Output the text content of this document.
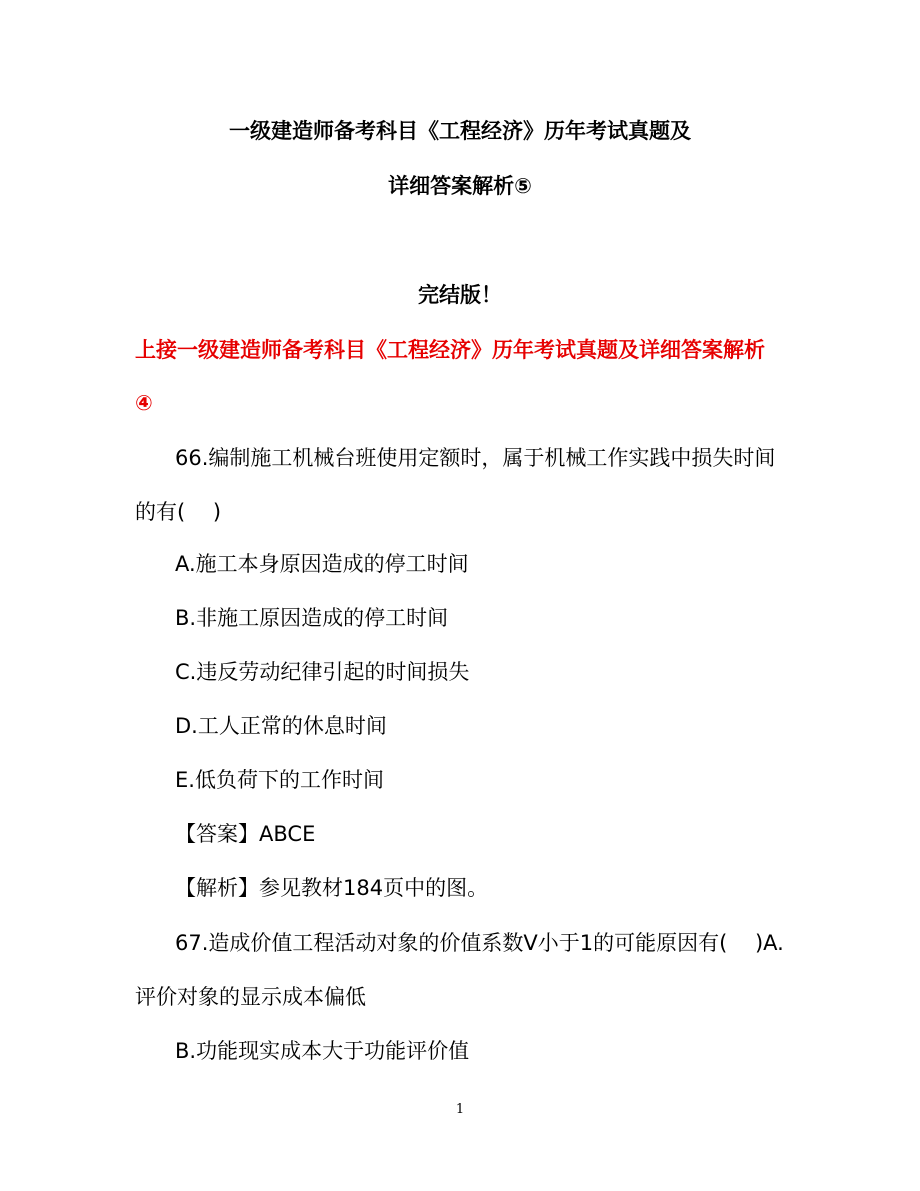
一级建造师备考科目《工程经济》历年考试真题及
详细答案解析⑤
完结版！
上接一级建造师备考科目《工程经济》历年考试真题及详细答案解析
④
66.编制施工机械台班使用定额时，属于机械工作实践中损失时间
的有(　 )
A.施工本身原因造成的停工时间
B.非施工原因造成的停工时间
C.违反劳动纪律引起的时间损失
D.工人正常的休息时间
E.低负荷下的工作时间
【答案】ABCE
【解析】参见教材184页中的图。
67.造成价值工程活动对象的价值系数V小于1的可能原因有(　 )A.
评价对象的显示成本偏低
B.功能现实成本大于功能评价值
1
